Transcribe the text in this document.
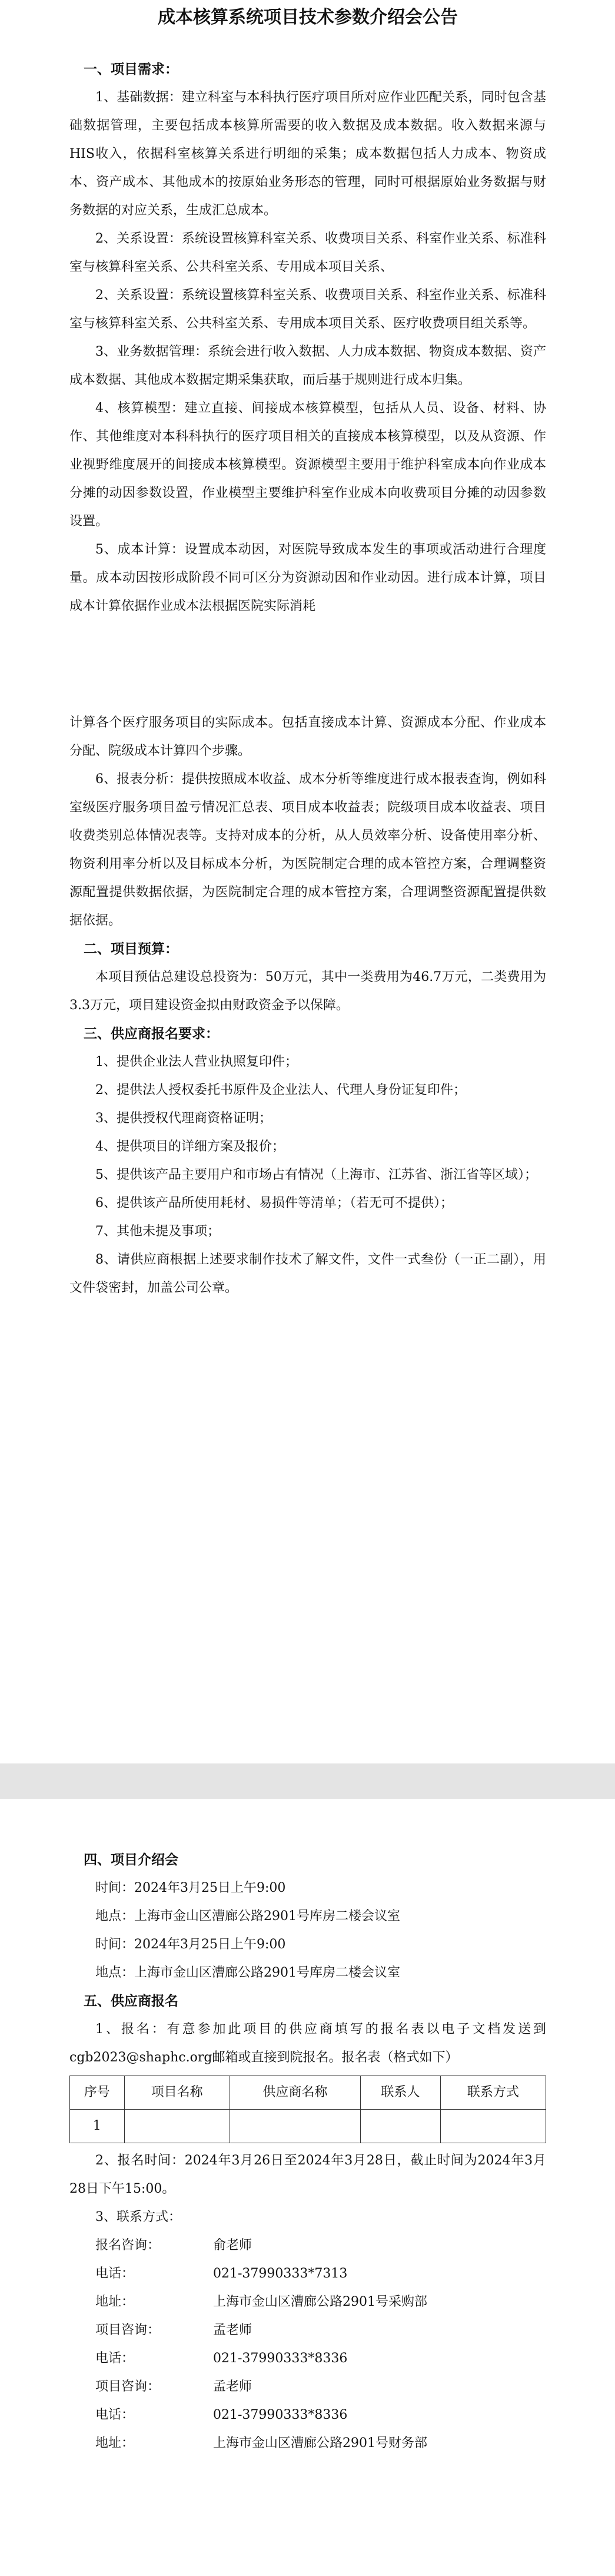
成本核算系统项目技术参数介绍会公告
一、项目需求：

1、基础数据：建立科室与本科执行医疗项目所对应作业匹配关系，同时包含基础数据管理，主要包括成本核算所需要的收入数据及成本数据。收入数据来源与HIS收入，依据科室核算关系进行明细的采集；成本数据包括人力成本、物资成本、资产成本、其他成本的按原始业务形态的管理，同时可根据原始业务数据与财务数据的对应关系，生成汇总成本。

2、关系设置：系统设置核算科室关系、收费项目关系、科室作业关系、标准科室与核算科室关系、公共科室关系、专用成本项目关系、

2、关系设置：系统设置核算科室关系、收费项目关系、科室作业关系、标准科室与核算科室关系、公共科室关系、专用成本项目关系、医疗收费项目组关系等。

3、业务数据管理：系统会进行收入数据、人力成本数据、物资成本数据、资产成本数据、其他成本数据定期采集获取，而后基于规则进行成本归集。

4、核算模型：建立直接、间接成本核算模型，包括从人员、设备、材料、协作、其他维度对本科科执行的医疗项目相关的直接成本核算模型，以及从资源、作业视野维度展开的间接成本核算模型。资源模型主要用于维护科室成本向作业成本分摊的动因参数设置，作业模型主要维护科室作业成本向收费项目分摊的动因参数设置。

5、成本计算：设置成本动因，对医院导致成本发生的事项或活动进行合理度量。成本动因按形成阶段不同可区分为资源动因和作业动因。进行成本计算，项目成本计算依据作业成本法根据医院实际消耗

计算各个医疗服务项目的实际成本。包括直接成本计算、资源成本分配、作业成本分配、院级成本计算四个步骤。

6、报表分析：提供按照成本收益、成本分析等维度进行成本报表查询，例如科室级医疗服务项目盈亏情况汇总表、项目成本收益表；院级项目成本收益表、项目收费类别总体情况表等。支持对成本的分析，从人员效率分析、设备使用率分析、物资利用率分析以及目标成本分析，为医院制定合理的成本管控方案，合理调整资源配置提供数据依据，为医院制定合理的成本管控方案，合理调整资源配置提供数据依据。

二、项目预算：

本项目预估总建设总投资为：50万元，其中一类费用为46.7万元，二类费用为3.3万元，项目建设资金拟由财政资金予以保障。

三、供应商报名要求：

1、提供企业法人营业执照复印件；

2、提供法人授权委托书原件及企业法人、代理人身份证复印件；

3、提供授权代理商资格证明；

4、提供项目的详细方案及报价；

5、提供该产品主要用户和市场占有情况（上海市、江苏省、浙江省等区域）；

6、提供该产品所使用耗材、易损件等清单；（若无可不提供）；

7、其他未提及事项；

8、请供应商根据上述要求制作技术了解文件，文件一式叁份（一正二副），用文件袋密封，加盖公司公章。

四、项目介绍会

时间：2024年3月25日上午9:00

地点：上海市金山区漕廊公路2901号库房二楼会议室

时间：2024年3月25日上午9:00

地点：上海市金山区漕廊公路2901号库房二楼会议室

五、供应商报名

1、报名：有意参加此项目的供应商填写的报名表以电子文档发送到cgb2023@shaphc.org邮箱或直接到院报名。报名表（格式如下）

序号	项目名称	供应商名称	联系人	联系方式
1				

2、报名时间：2024年3月26日至2024年3月28日，截止时间为2024年3月28日下午15:00。

3、联系方式：

报名咨询：	俞老师
电话：	021-37990333*7313
地址：	上海市金山区漕廊公路2901号采购部
项目咨询：	孟老师
电话：	021-37990333*8336
项目咨询：	孟老师
电话：	021-37990333*8336
地址：	上海市金山区漕廊公路2901号财务部
